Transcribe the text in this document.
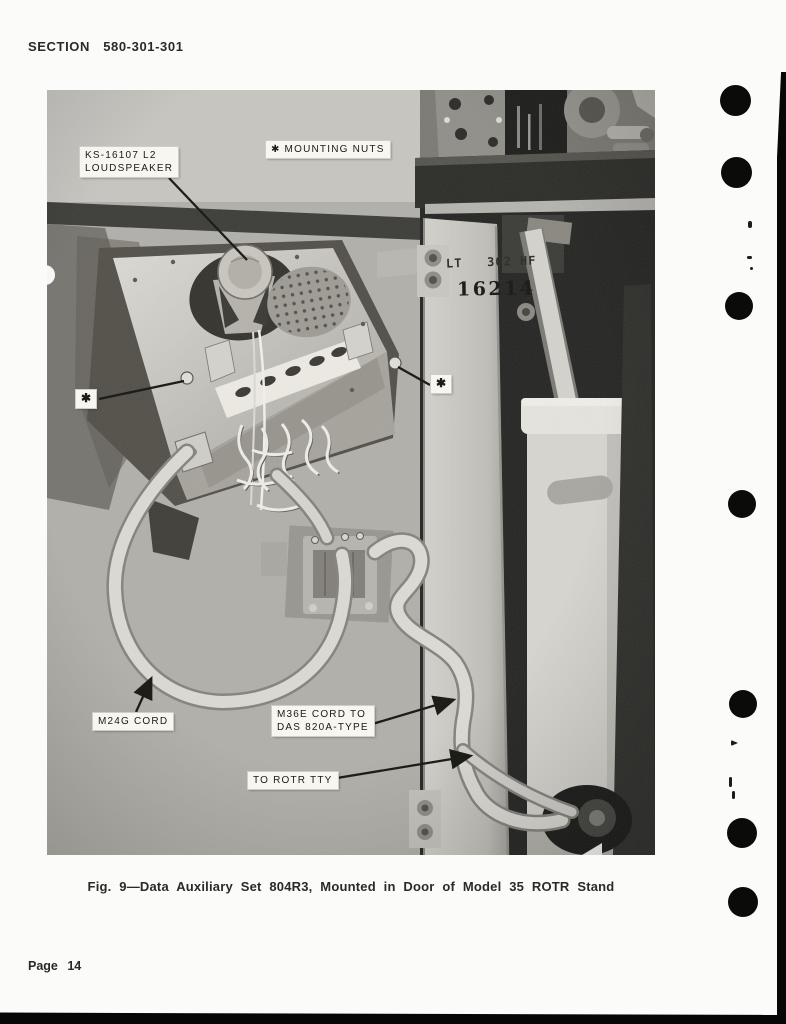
SECTION 580-301-301
KS-16107 L2
LOUDSPEAKER
✱ MOUNTING NUTS
✱
✱
M24G CORD
M36E CORD TO
DAS 820A-TYPE
TO ROTR TTY
LT   302 HF
16214
Fig. 9—Data Auxiliary Set 804R3, Mounted in Door of Model 35 ROTR Stand
Page 14
